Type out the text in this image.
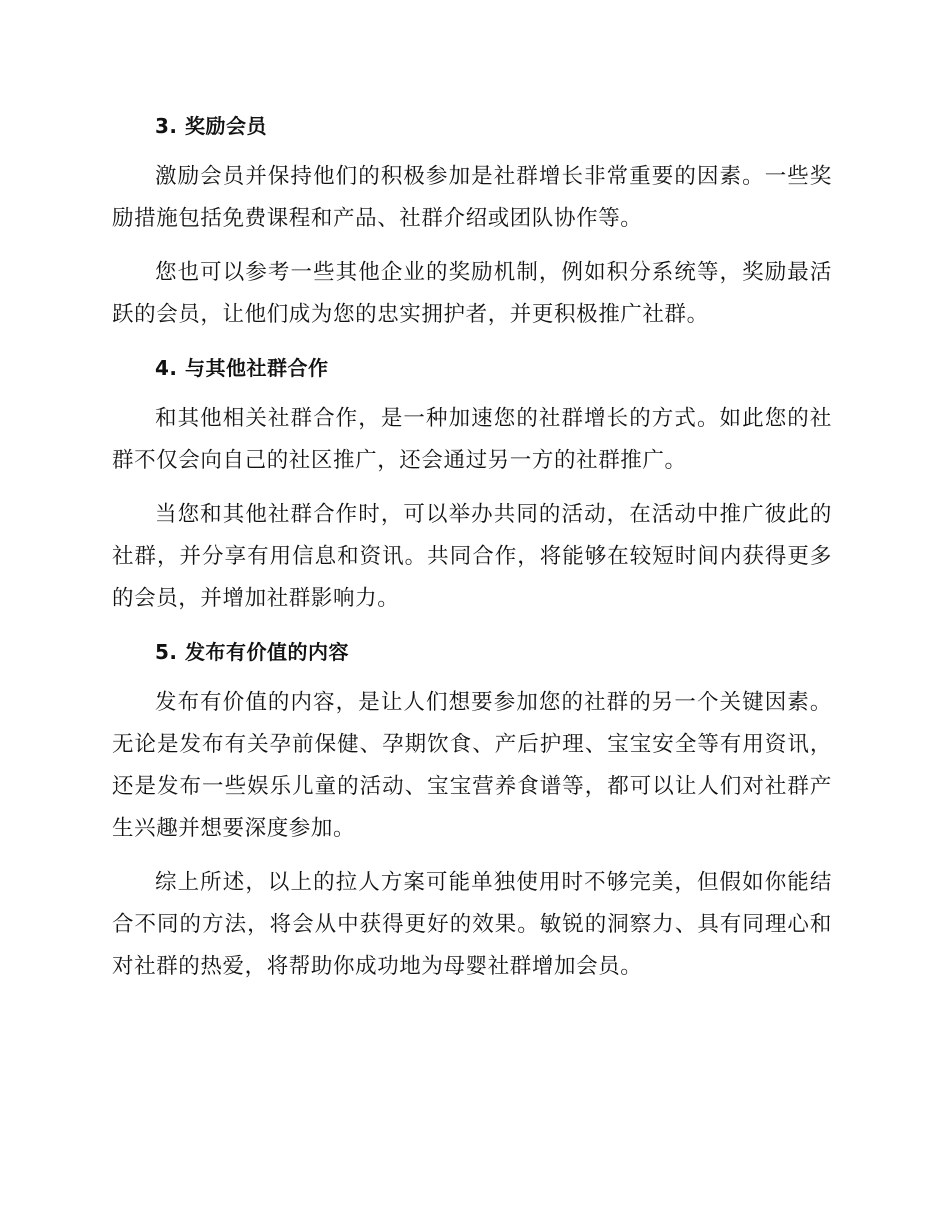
3. 奖励会员

激励会员并保持他们的积极参加是社群增长非常重要的因素。一些奖励措施包括免费课程和产品、社群介绍或团队协作等。

您也可以参考一些其他企业的奖励机制，例如积分系统等，奖励最活跃的会员，让他们成为您的忠实拥护者，并更积极推广社群。

4. 与其他社群合作

和其他相关社群合作，是一种加速您的社群增长的方式。如此您的社群不仅会向自己的社区推广，还会通过另一方的社群推广。

当您和其他社群合作时，可以举办共同的活动，在活动中推广彼此的社群，并分享有用信息和资讯。共同合作，将能够在较短时间内获得更多的会员，并增加社群影响力。

5. 发布有价值的内容

发布有价值的内容，是让人们想要参加您的社群的另一个关键因素。无论是发布有关孕前保健、孕期饮食、产后护理、宝宝安全等有用资讯，还是发布一些娱乐儿童的活动、宝宝营养食谱等，都可以让人们对社群产生兴趣并想要深度参加。

综上所述，以上的拉人方案可能单独使用时不够完美，但假如你能结合不同的方法，将会从中获得更好的效果。敏锐的洞察力、具有同理心和对社群的热爱，将帮助你成功地为母婴社群增加会员。
